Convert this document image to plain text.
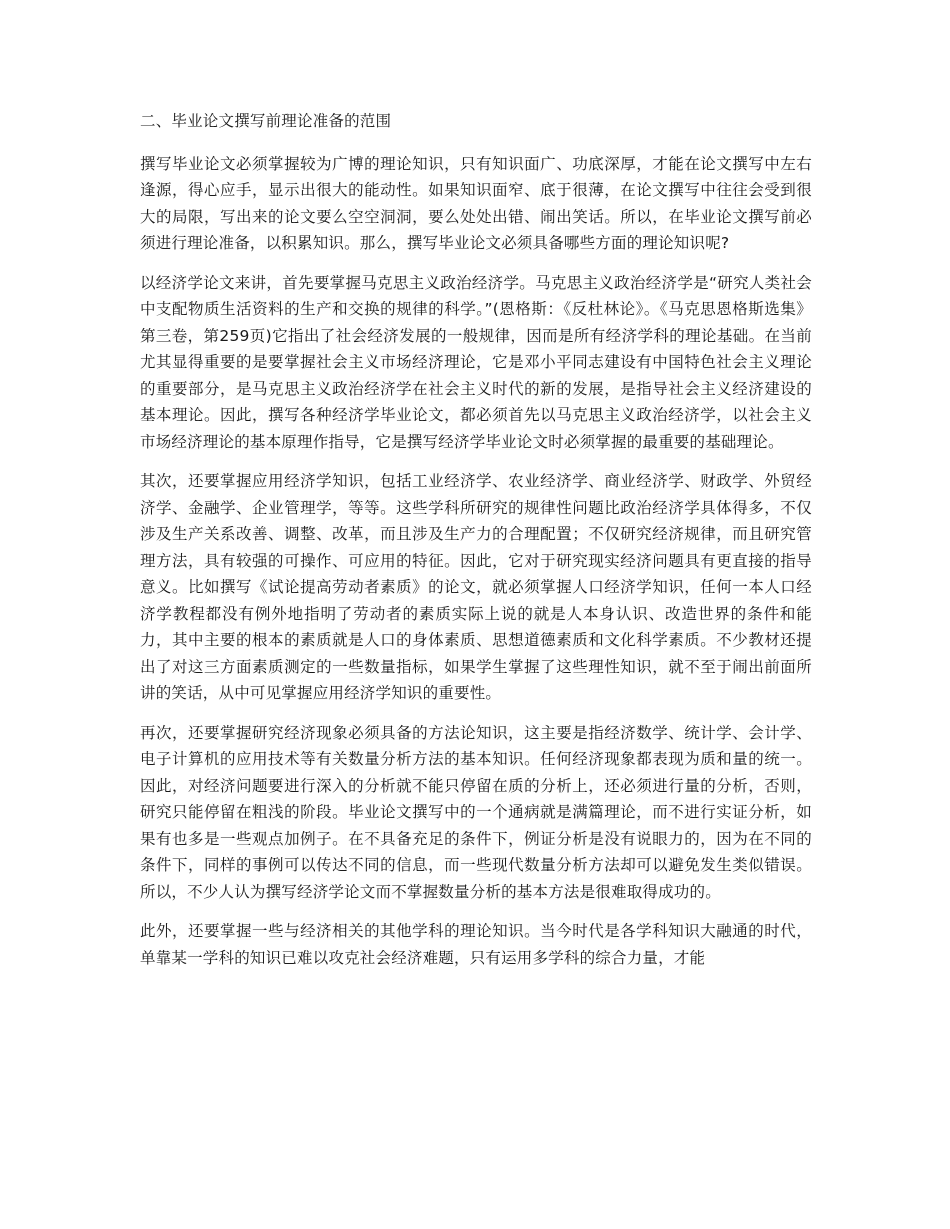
二、毕业论文撰写前理论准备的范围

撰写毕业论文必须掌握较为广博的理论知识，只有知识面广、功底深厚，才能在论文撰写中左右逢源，得心应手，显示出很大的能动性。如果知识面窄、底于很薄，在论文撰写中往往会受到很大的局限，写出来的论文要么空空洞洞，要么处处出错、闹出笑话。所以，在毕业论文撰写前必须进行理论准备，以积累知识。那么，撰写毕业论文必须具备哪些方面的理论知识呢?

以经济学论文来讲，首先要掌握马克思主义政治经济学。马克思主义政治经济学是“研究人类社会中支配物质生活资料的生产和交换的规律的科学。”(恩格斯：《反杜林论》。《马克思恩格斯选集》第三卷，第259页)它指出了社会经济发展的一般规律，因而是所有经济学科的理论基础。在当前尤其显得重要的是要掌握社会主义市场经济理论，它是邓小平同志建设有中国特色社会主义理论的重要部分，是马克思主义政治经济学在社会主义时代的新的发展，是指导社会主义经济建设的基本理论。因此，撰写各种经济学毕业论文，都必须首先以马克思主义政治经济学，以社会主义市场经济理论的基本原理作指导，它是撰写经济学毕业论文时必须掌握的最重要的基础理论。

其次，还要掌握应用经济学知识，包括工业经济学、农业经济学、商业经济学、财政学、外贸经济学、金融学、企业管理学，等等。这些学科所研究的规律性问题比政治经济学具体得多，不仅涉及生产关系改善、调整、改革，而且涉及生产力的合理配置；不仅研究经济规律，而且研究管理方法，具有较强的可操作、可应用的特征。因此，它对于研究现实经济问题具有更直接的指导意义。比如撰写《试论提高劳动者素质》的论文，就必须掌握人口经济学知识，任何一本人口经济学教程都没有例外地指明了劳动者的素质实际上说的就是人本身认识、改造世界的条件和能力，其中主要的根本的素质就是人口的身体素质、思想道德素质和文化科学素质。不少教材还提出了对这三方面素质测定的一些数量指标，如果学生掌握了这些理性知识，就不至于闹出前面所讲的笑话，从中可见掌握应用经济学知识的重要性。

再次，还要掌握研究经济现象必须具备的方法论知识，这主要是指经济数学、统计学、会计学、电子计算机的应用技术等有关数量分析方法的基本知识。任何经济现象都表现为质和量的统一。因此，对经济问题要进行深入的分析就不能只停留在质的分析上，还必须进行量的分析，否则，研究只能停留在粗浅的阶段。毕业论文撰写中的一个通病就是满篇理论，而不进行实证分析，如果有也多是一些观点加例子。在不具备充足的条件下，例证分析是没有说眼力的，因为在不同的条件下，同样的事例可以传达不同的信息，而一些现代数量分析方法却可以避免发生类似错误。所以，不少人认为撰写经济学论文而不掌握数量分析的基本方法是很难取得成功的。

此外，还要掌握一些与经济相关的其他学科的理论知识。当今时代是各学科知识大融通的时代，单靠某一学科的知识已难以攻克社会经济难题，只有运用多学科的综合力量，才能
